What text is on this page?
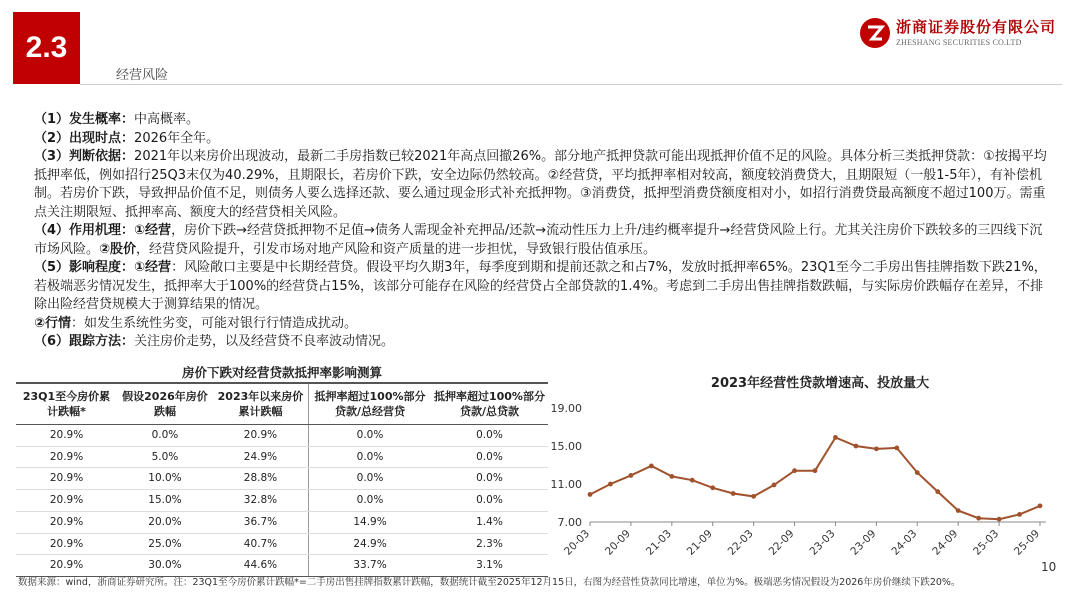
2.3
经营风险
浙商证券股份有限公司
ZHESHANG SECURITIES CO.LTD

（1）发生概率：中高概率。

（2）出现时点：2026年全年。

（3）判断依据：2021年以来房价出现波动，最新二手房指数已较2021年高点回撤26%。部分地产抵押贷款可能出现抵押价值不足的风险。具体分析三类抵押贷款：①按揭平均抵押率低，例如招行25Q3末仅为40.29%，且期限长，若房价下跌，安全边际仍然较高。②经营贷，平均抵押率相对较高，额度较消费贷大，且期限短（一般1-5年），有补偿机制。若房价下跌，导致押品价值不足，则债务人要么选择还款、要么通过现金形式补充抵押物。③消费贷，抵押型消费贷额度相对小，如招行消费贷最高额度不超过100万。需重点关注期限短、抵押率高、额度大的经营贷相关风险。

（4）作用机理：①经营，房价下跌→经营贷抵押物不足值→债务人需现金补充押品/还款→流动性压力上升/违约概率提升→经营贷风险上行。尤其关注房价下跌较多的三四线下沉市场风险。②股价，经营贷风险提升，引发市场对地产风险和资产质量的进一步担忧，导致银行股估值承压。

（5）影响程度：①经营：风险敞口主要是中长期经营贷。假设平均久期3年，每季度到期和提前还款之和占7%，发放时抵押率65%。23Q1至今二手房出售挂牌指数下跌21%，若极端恶劣情况发生，抵押率大于100%的经营贷占15%，该部分可能存在风险的经营贷占全部贷款的1.4%。考虑到二手房出售挂牌指数跌幅，与实际房价跌幅存在差异，不排除出险经营贷规模大于测算结果的情况。

②行情：如发生系统性劣变，可能对银行行情造成扰动。

（6）跟踪方法：关注房价走势，以及经营贷不良率波动情况。

房价下跌对经营贷款抵押率影响测算
23Q1至今房价累计跌幅*	假设2026年房价跌幅	2023年以来房价累计跌幅	抵押率超过100%部分贷款/总经营贷	抵押率超过100%部分贷款/总贷款
20.9%	0.0%	20.9%	0.0%	0.0%
20.9%	5.0%	24.9%	0.0%	0.0%
20.9%	10.0%	28.8%	0.0%	0.0%
20.9%	15.0%	32.8%	0.0%	0.0%
20.9%	20.0%	36.7%	14.9%	1.4%
20.9%	25.0%	40.7%	24.9%	2.3%
20.9%	30.0%	44.6%	33.7%	3.1%
2023年经营性贷款增速高、投放量大
19.00
15.00
11.00
7.00
20-03 20-09 21-03 21-09 22-03 22-09 23-03 23-09 24-03 24-09 25-03 25-09
10
数据来源：wind，浙商证券研究所。注：23Q1至今房价累计跌幅*=二手房出售挂牌指数累计跌幅，数据统计截至2025年12月15日，右图为经营性贷款同比增速，单位为%。极端恶劣情况假设为2026年房价继续下跌20%。
